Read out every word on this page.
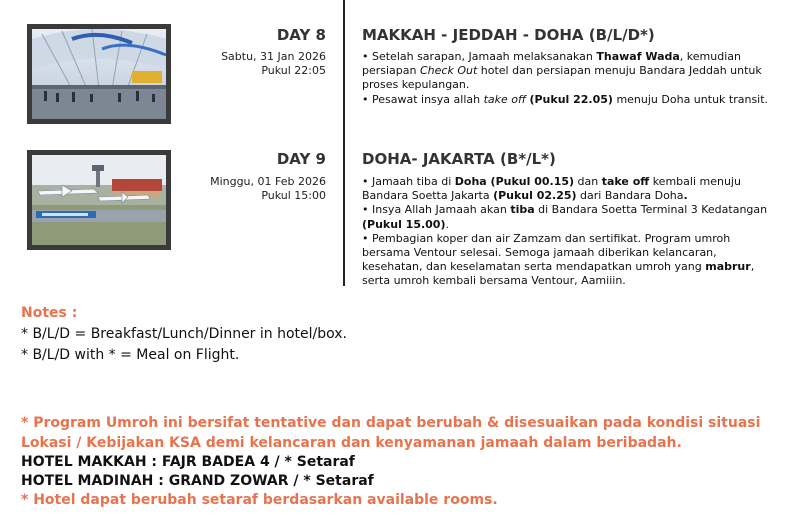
DAY 8
Sabtu, 31 Jan 2026
Pukul 22:05
MAKKAH - JEDDAH - DOHA (B/L/D*)

• Setelah sarapan, Jamaah melaksanakan Thawaf Wada, kemudian persiapan Check Out hotel dan persiapan menuju Bandara Jeddah untuk proses kepulangan.

• Pesawat insya allah take off (Pukul 22.05) menuju Doha untuk transit.

DAY 9
Minggu, 01 Feb 2026
Pukul 15:00
DOHA- JAKARTA (B*/L*)

• Jamaah tiba di Doha (Pukul 00.15) dan take off kembali menuju Bandara Soetta Jakarta (Pukul 02.25) dari Bandara Doha.

• Insya Allah Jamaah akan tiba di Bandara Soetta Terminal 3 Kedatangan (Pukul 15.00).

• Pembagian koper dan air Zamzam dan sertifikat. Program umroh bersama Ventour selesai. Semoga jamaah diberikan kelancaran, kesehatan, dan keselamatan serta mendapatkan umroh yang mabrur, serta umroh kembali bersama Ventour, Aamiiin.

Notes :
* B/L/D = Breakfast/Lunch/Dinner in hotel/box.
* B/L/D with * = Meal on Flight.
* Program Umroh ini bersifat tentative dan dapat berubah & disesuaikan pada kondisi situasi Lokasi / Kebijakan KSA demi kelancaran dan kenyamanan jamaah dalam beribadah.
HOTEL MAKKAH : FAJR BADEA 4 / * Setaraf
HOTEL MADINAH : GRAND ZOWAR / * Setaraf
* Hotel dapat berubah setaraf berdasarkan available rooms.
